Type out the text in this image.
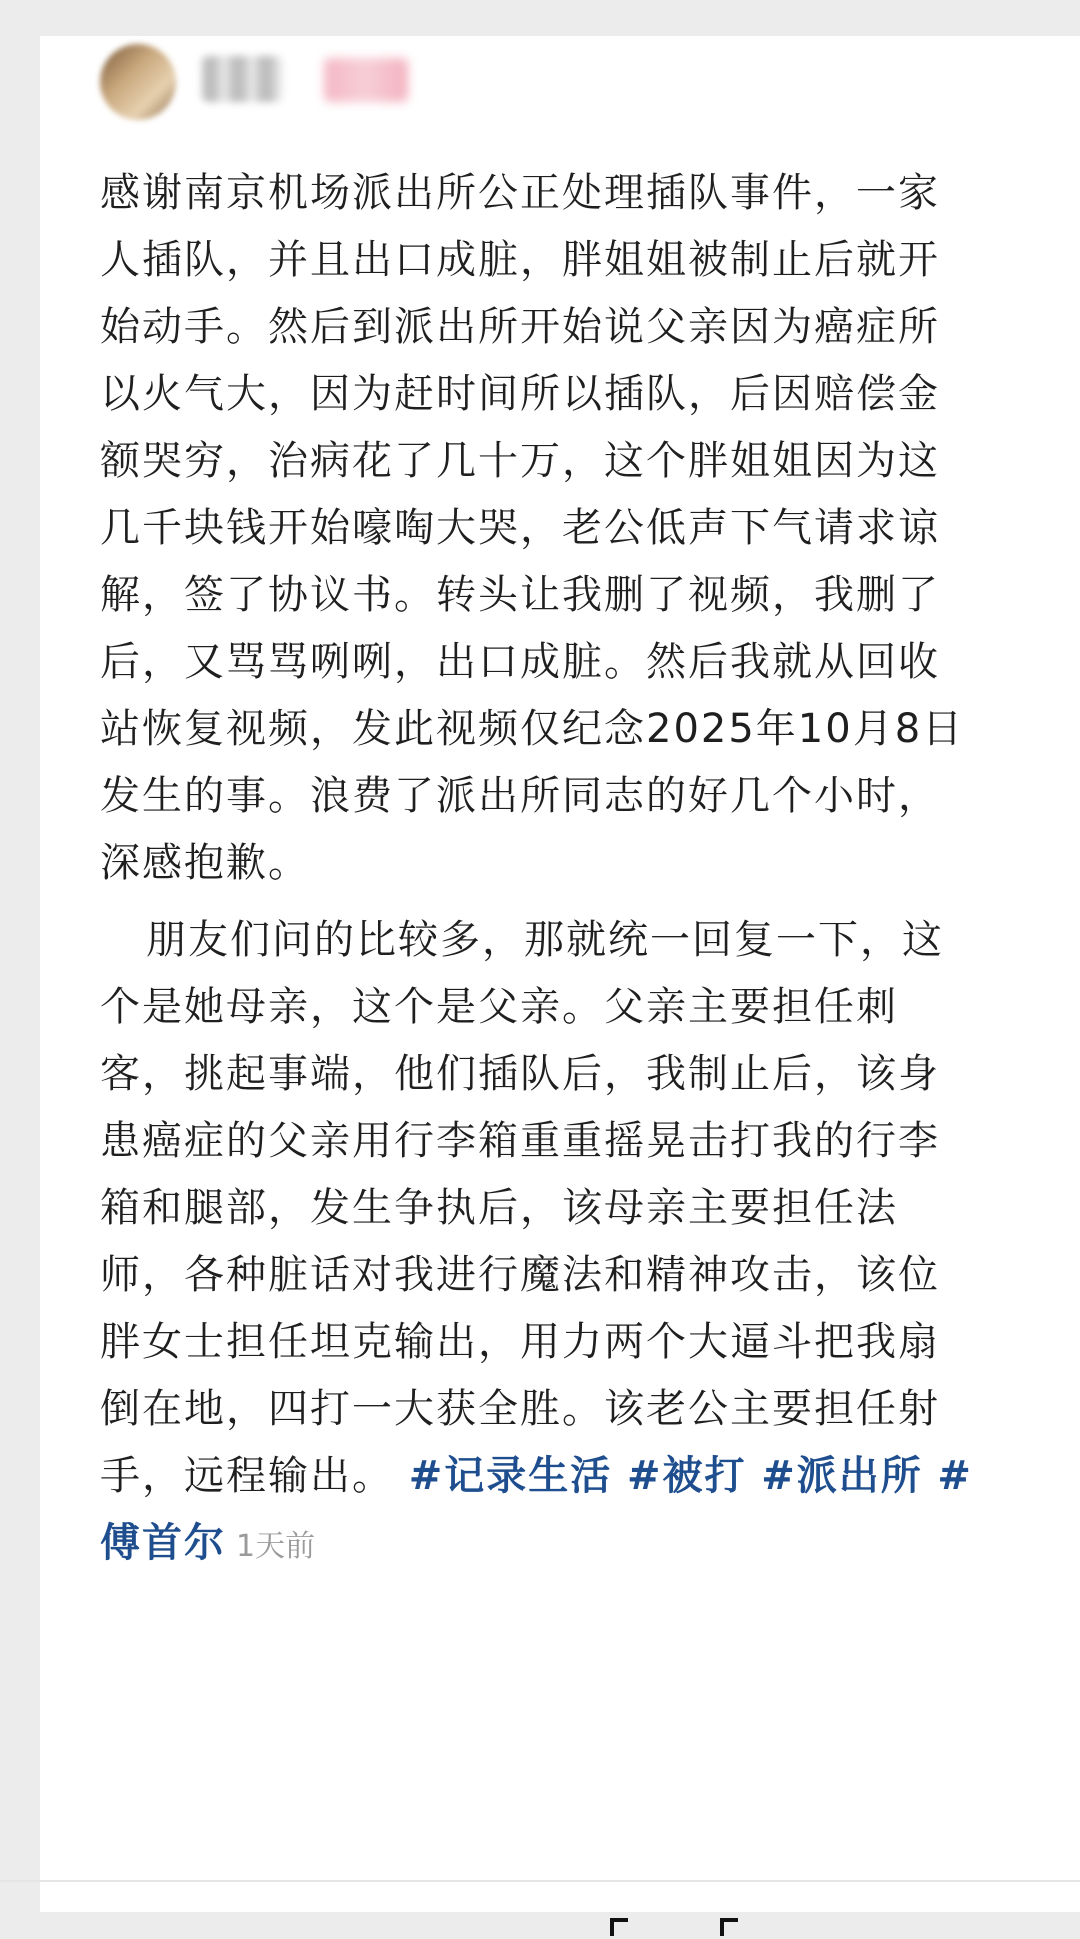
感谢南京机场派出所公正处理插队事件，一家人插队，并且出口成脏，胖姐姐被制止后就开始动手。然后到派出所开始说父亲因为癌症所以火气大，因为赶时间所以插队，后因赔偿金额哭穷，治病花了几十万，这个胖姐姐因为这几千块钱开始嚎啕大哭，老公低声下气请求谅解，签了协议书。转头让我删了视频，我删了后，又骂骂咧咧，出口成脏。然后我就从回收站恢复视频，发此视频仅纪念2025年10月8日发生的事。浪费了派出所同志的好几个小时，深感抱歉。

朋友们问的比较多，那就统一回复一下，这个是她母亲，这个是父亲。父亲主要担任刺客，挑起事端，他们插队后，我制止后，该身患癌症的父亲用行李箱重重摇晃击打我的行李箱和腿部，发生争执后，该母亲主要担任法师，各种脏话对我进行魔法和精神攻击，该位胖女士担任坦克输出，用力两个大逼斗把我扇倒在地，四打一大获全胜。该老公主要担任射手，远程输出。 #记录生活 #被打 #派出所 #傅首尔 1天前
